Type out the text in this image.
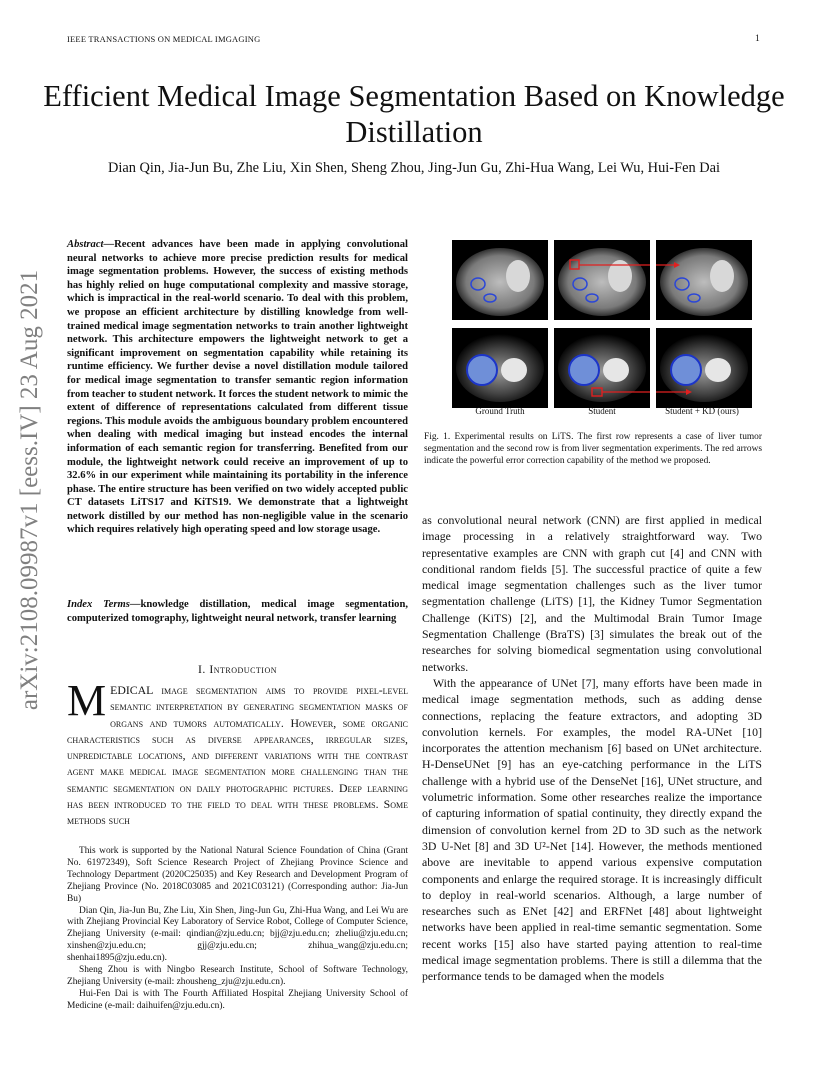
IEEE TRANSACTIONS ON MEDICAL IMGAGING	1
Efficient Medical Image Segmentation Based on Knowledge Distillation
Dian Qin, Jia-Jun Bu, Zhe Liu, Xin Shen, Sheng Zhou, Jing-Jun Gu, Zhi-Hua Wang, Lei Wu, Hui-Fen Dai
arXiv:2108.09987v1 [eess.IV] 23 Aug 2021
Abstract—Recent advances have been made in applying convolutional neural networks to achieve more precise prediction results for medical image segmentation problems. However, the success of existing methods has highly relied on huge computational complexity and massive storage, which is impractical in the real-world scenario. To deal with this problem, we propose an efficient architecture by distilling knowledge from well-trained medical image segmentation networks to train another lightweight network. This architecture empowers the lightweight network to get a significant improvement on segmentation capability while retaining its runtime efficiency. We further devise a novel distillation module tailored for medical image segmentation to transfer semantic region information from teacher to student network. It forces the student network to mimic the extent of difference of representations calculated from different tissue regions. This module avoids the ambiguous boundary problem encountered when dealing with medical imaging but instead encodes the internal information of each semantic region for transferring. Benefited from our module, the lightweight network could receive an improvement of up to 32.6% in our experiment while maintaining its portability in the inference phase. The entire structure has been verified on two widely accepted public CT datasets LiTS17 and KiTS19. We demonstrate that a lightweight network distilled by our method has non-negligible value in the scenario which requires relatively high operating speed and low storage usage.
Index Terms—knowledge distillation, medical image segmentation, computerized tomography, lightweight neural network, transfer learning
I. Introduction
MEDICAL image segmentation aims to provide pixel-level semantic interpretation by generating segmentation masks of organs and tumors automatically. However, some organic characteristics such as diverse appearances, irregular sizes, unpredictable locations, and different variations with the contrast agent make medical image segmentation more challenging than the semantic segmentation on daily photographic pictures. Deep learning has been introduced to the field to deal with these problems. Some methods such

This work is supported by the National Natural Science Foundation of China (Grant No. 61972349), Soft Science Research Project of Zhejiang Province Science and Technology Department (2020C25035) and Key Research and Development Program of Zhejiang Province (No. 2018C03085 and 2021C03121) (Corresponding author: Jia-Jun Bu)

Dian Qin, Jia-Jun Bu, Zhe Liu, Xin Shen, Jing-Jun Gu, Zhi-Hua Wang, and Lei Wu are with Zhejiang Provincial Key Laboratory of Service Robot, College of Computer Science, Zhejiang University (e-mail: qindian@zju.edu.cn; bjj@zju.edu.cn; zheliu@zju.edu.cn; xinshen@zju.edu.cn; gjj@zju.edu.cn; zhihua_wang@zju.edu.cn; shenhai1895@zju.edu.cn).

Sheng Zhou is with Ningbo Research Institute, School of Software Technology, Zhejiang University (e-mail: zhousheng_zju@zju.edu.cn).

Hui-Fen Dai is with The Fourth Affiliated Hospital Zhejiang University School of Medicine (e-mail: daihuifen@zju.edu.cn).

Ground Truth	Student	Student + KD (ours)
Fig. 1. Experimental results on LiTS. The first row represents a case of liver tumor segmentation and the second row is from liver segmentation experiments. The red arrows indicate the powerful error correction capability of the method we proposed.

as convolutional neural network (CNN) are first applied in medical image processing in a relatively straightforward way. Two representative examples are CNN with graph cut [4] and CNN with conditional random fields [5]. The successful practice of quite a few medical image segmentation challenges such as the liver tumor segmentation challenge (LiTS) [1], the Kidney Tumor Segmentation Challenge (KiTS) [2], and the Multimodal Brain Tumor Image Segmentation Challenge (BraTS) [3] simulates the break out of the researches for solving biomedical segmentation using convolutional networks.

With the appearance of UNet [7], many efforts have been made in medical image segmentation methods, such as adding dense connections, replacing the feature extractors, and adopting 3D convolution kernels. For examples, the model RA-UNet [10] incorporates the attention mechanism [6] based on UNet architecture. H-DenseUNet [9] has an eye-catching performance in the LiTS challenge with a hybrid use of the DenseNet [16], UNet structure, and volumetric information. Some other researches realize the importance of capturing information of spatial continuity, they directly expand the dimension of convolution kernel from 2D to 3D such as the network 3D U-Net [8] and 3D U²-Net [14]. However, the methods mentioned above are inevitable to append various expensive computation components and enlarge the required storage. It is increasingly difficult to deploy in real-world scenarios. Although, a large number of researches such as ENet [42] and ERFNet [48] about lightweight networks have been applied in real-time semantic segmentation. Some recent works [15] also have started paying attention to real-time medical image segmentation problems. There is still a dilemma that the performance tends to be damaged when the models
